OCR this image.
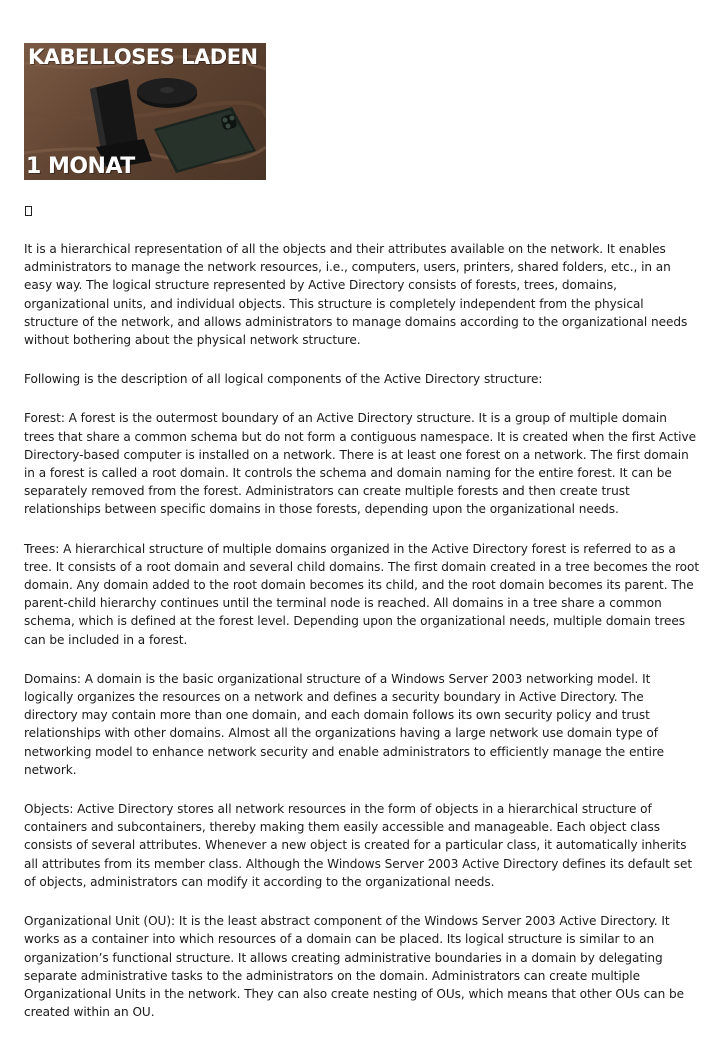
KABELLOSES LADEN
1 MONAT

It is a hierarchical representation of all the objects and their attributes available on the network. It enables administrators to manage the network resources, i.e., computers, users, printers, shared folders, etc., in an easy way. The logical structure represented by Active Directory consists of forests, trees, domains, organizational units, and individual objects. This structure is completely independent from the physical structure of the network, and allows administrators to manage domains according to the organizational needs without bothering about the physical network structure.

Following is the description of all logical components of the Active Directory structure:

Forest: A forest is the outermost boundary of an Active Directory structure. It is a group of multiple domain trees that share a common schema but do not form a contiguous namespace. It is created when the first Active Directory-based computer is installed on a network. There is at least one forest on a network. The first domain in a forest is called a root domain. It controls the schema and domain naming for the entire forest. It can be separately removed from the forest. Administrators can create multiple forests and then create trust relationships between specific domains in those forests, depending upon the organizational needs.

Trees: A hierarchical structure of multiple domains organized in the Active Directory forest is referred to as a tree. It consists of a root domain and several child domains. The first domain created in a tree becomes the root domain. Any domain added to the root domain becomes its child, and the root domain becomes its parent. The parent-child hierarchy continues until the terminal node is reached. All domains in a tree share a common schema, which is defined at the forest level. Depending upon the organizational needs, multiple domain trees can be included in a forest.

Domains: A domain is the basic organizational structure of a Windows Server 2003 networking model. It logically organizes the resources on a network and defines a security boundary in Active Directory. The directory may contain more than one domain, and each domain follows its own security policy and trust relationships with other domains. Almost all the organizations having a large network use domain type of networking model to enhance network security and enable administrators to efficiently manage the entire network.

Objects: Active Directory stores all network resources in the form of objects in a hierarchical structure of containers and subcontainers, thereby making them easily accessible and manageable. Each object class consists of several attributes. Whenever a new object is created for a particular class, it automatically inherits all attributes from its member class. Although the Windows Server 2003 Active Directory defines its default set of objects, administrators can modify it according to the organizational needs.

Organizational Unit (OU): It is the least abstract component of the Windows Server 2003 Active Directory. It works as a container into which resources of a domain can be placed. Its logical structure is similar to an organization’s functional structure. It allows creating administrative boundaries in a domain by delegating separate administrative tasks to the administrators on the domain. Administrators can create multiple Organizational Units in the network. They can also create nesting of OUs, which means that other OUs can be created within an OU.
